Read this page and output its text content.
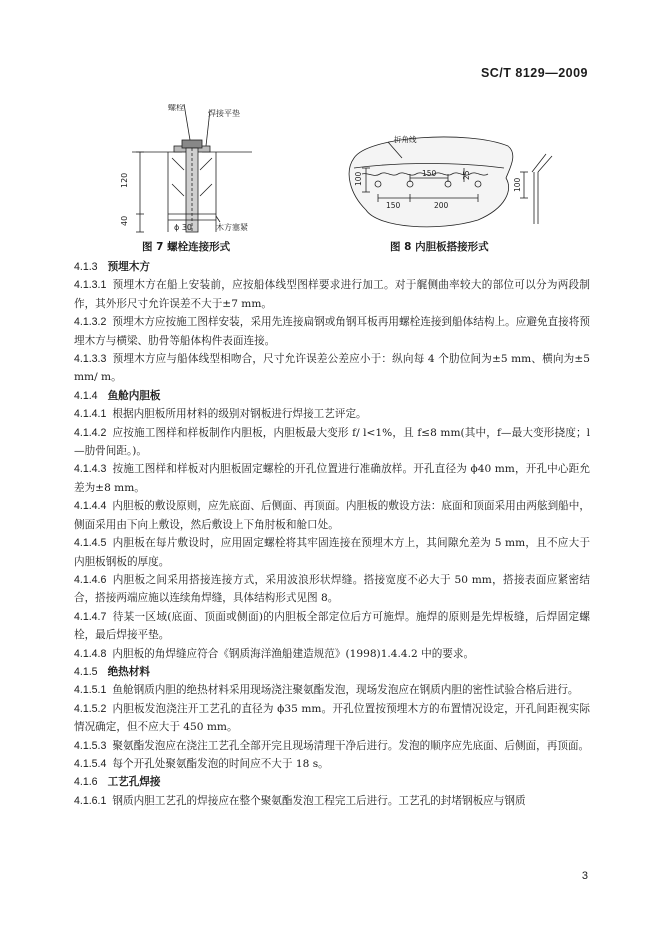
SC/T 8129—2009
螺栓
焊接平垫
120
40
ϕ 30	木方塞紧
折角线
150
100	25
150	200
100
图 7 螺栓连接形式	图 8 内胆板搭接形式

4.1.3 预埋木方

4.1.3.1 预埋木方在船上安装前，应按船体线型图样要求进行加工。对于艉侧曲率较大的部位可以分为两段制作，其外形尺寸允许误差不大于±7 mm。

4.1.3.2 预埋木方应按施工图样安装，采用先连接扁钢或角钢耳板再用螺栓连接到船体结构上。应避免直接将预埋木方与横梁、肋骨等船体构件表面连接。

4.1.3.3 预埋木方应与船体线型相吻合，尺寸允许误差公差应小于：纵向每 4 个肋位间为±5 mm、横向为±5 mm/ m。

4.1.4 鱼舱内胆板

4.1.4.1 根据内胆板所用材料的级别对钢板进行焊接工艺评定。

4.1.4.2 应按施工图样和样板制作内胆板，内胆板最大变形 f/ l<1%，且 f≤8 mm(其中，f—最大变形挠度；l—肋骨间距。)。

4.1.4.3 按施工图样和样板对内胆板固定螺栓的开孔位置进行准确放样。开孔直径为 ϕ40 mm，开孔中心距允差为±8 mm。

4.1.4.4 内胆板的敷设原则，应先底面、后侧面、再顶面。内胆板的敷设方法：底面和顶面采用由两舷到船中，侧面采用由下向上敷设，然后敷设上下角肘板和舱口处。

4.1.4.5 内胆板在每片敷设时，应用固定螺栓将其牢固连接在预埋木方上，其间隙允差为 5 mm，且不应大于内胆板钢板的厚度。

4.1.4.6 内胆板之间采用搭接连接方式，采用波浪形状焊缝。搭接宽度不必大于 50 mm，搭接表面应紧密结合，搭接两端应施以连续角焊缝，具体结构形式见图 8。

4.1.4.7 待某一区域(底面、顶面或侧面)的内胆板全部定位后方可施焊。施焊的原则是先焊板缝，后焊固定螺栓，最后焊接平垫。

4.1.4.8 内胆板的角焊缝应符合《钢质海洋渔船建造规范》(1998)1.4.4.2 中的要求。

4.1.5 绝热材料

4.1.5.1 鱼舱钢质内胆的绝热材料采用现场浇注聚氨酯发泡，现场发泡应在钢质内胆的密性试验合格后进行。

4.1.5.2 内胆板发泡浇注开工艺孔的直径为 ϕ35 mm。开孔位置按预埋木方的布置情况设定，开孔间距视实际情况确定，但不应大于 450 mm。

4.1.5.3 聚氨酯发泡应在浇注工艺孔全部开完且现场清理干净后进行。发泡的顺序应先底面、后侧面，再顶面。

4.1.5.4 每个开孔处聚氨酯发泡的时间应不大于 18 s。

4.1.6 工艺孔焊接

4.1.6.1 钢质内胆工艺孔的焊接应在整个聚氨酯发泡工程完工后进行。工艺孔的封堵钢板应与钢质

3
